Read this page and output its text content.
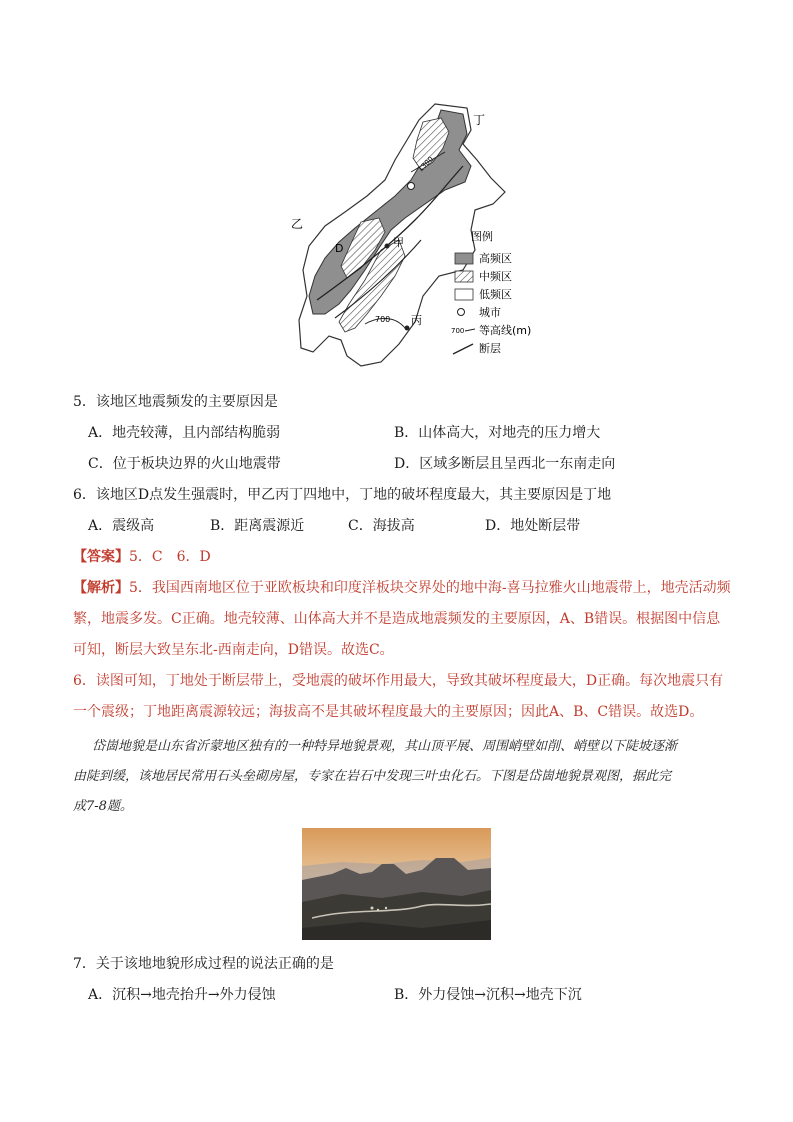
丁
乙
甲
丙
D
700
1300
图例
高频区
中频区
低频区
城市
700 等高线(m)
断层
5．该地区地震频发的主要原因是
A．地壳较薄，且内部结构脆弱	B．山体高大，对地壳的压力增大
C．位于板块边界的火山地震带	D．区域多断层且呈西北一东南走向
6．该地区D点发生强震时，甲乙丙丁四地中，丁地的破坏程度最大，其主要原因是丁地
A．震级高	B．距离震源近	C．海拔高	D．地处断层带
【答案】5．C　6．D
【解析】5．我国西南地区位于亚欧板块和印度洋板块交界处的地中海-喜马拉雅火山地震带上，地壳活动频
繁，地震多发。C正确。地壳较薄、山体高大并不是造成地震频发的主要原因，A、B错误。根据图中信息
可知，断层大致呈东北-西南走向，D错误。故选C。
6．读图可知，丁地处于断层带上，受地震的破坏作用最大，导致其破坏程度最大，D正确。每次地震只有
一个震级；丁地距离震源较远；海拔高不是其破坏程度最大的主要原因；因此A、B、C错误。故选D。
岱崮地貌是山东省沂蒙地区独有的一种特异地貌景观，其山顶平展、周围峭壁如削、峭壁以下陡坡逐渐
由陡到缓，该地居民常用石头垒砌房屋，专家在岩石中发现三叶虫化石。下图是岱崮地貌景观图，据此完
成7-8题。
7．关于该地地貌形成过程的说法正确的是
A．沉积→地壳抬升→外力侵蚀	B．外力侵蚀→沉积→地壳下沉
